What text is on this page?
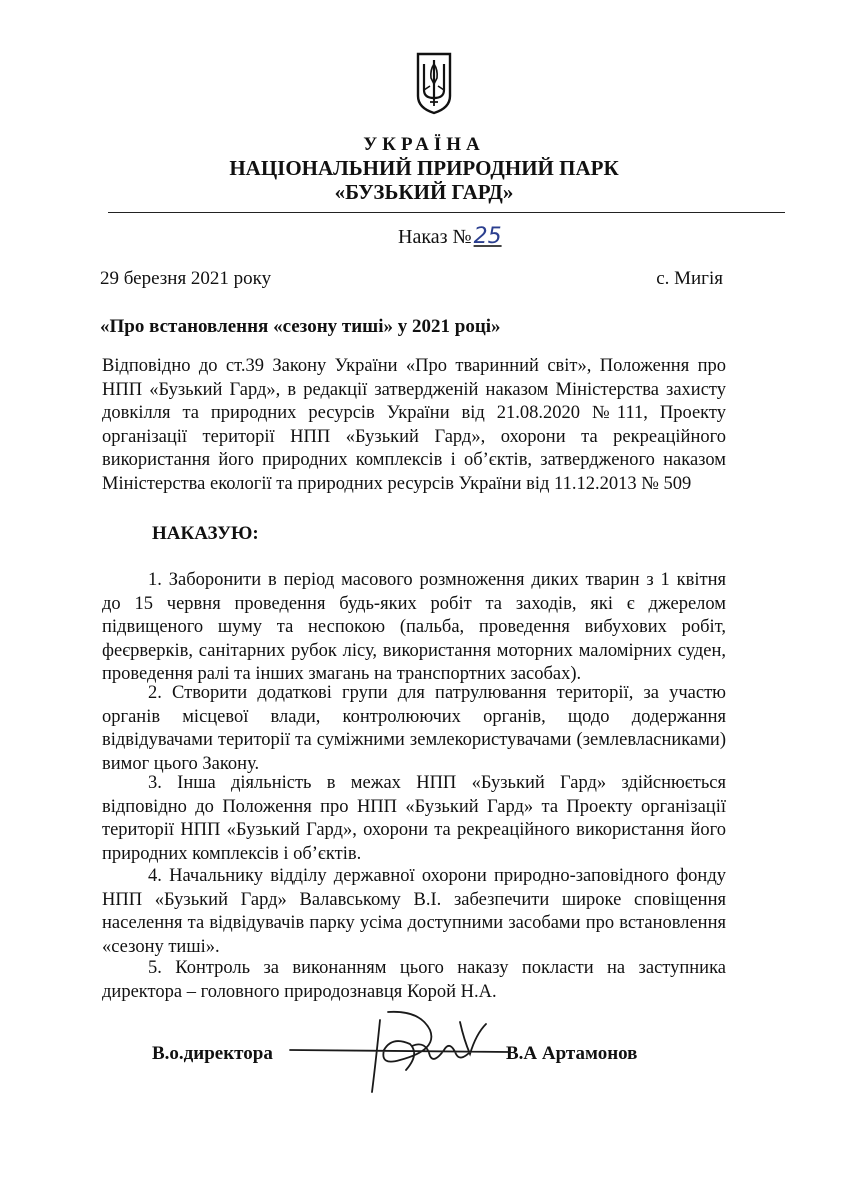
УКРАЇНА
НАЦІОНАЛЬНИЙ ПРИРОДНИЙ ПАРК
«БУЗЬКИЙ ГАРД»
Наказ №25
29 березня 2021 року	с. Мигія
«Про встановлення «сезону тиші» у 2021 році»

Відповідно до ст.39 Закону України «Про тваринний світ», Положення про НПП «Бузький Гард», в редакції затвердженій наказом Міністерства захисту довкілля та природних ресурсів України від 21.08.2020 №111, Проекту організації території НПП «Бузький Гард», охорони та рекреаційного використання його природних комплексів і об’єктів, затвердженого наказом Міністерства екології та природних ресурсів України від 11.12.2013 № 509

НАКАЗУЮ:

1. Заборонити в період масового розмноження диких тварин з 1 квітня до 15 червня проведення будь-яких робіт та заходів, які є джерелом підвищеного шуму та неспокою (пальба, проведення вибухових робіт, феєрверків, санітарних рубок лісу, використання моторних маломірних суден, проведення ралі та інших змагань на транспортних засобах).

2. Створити додаткові групи для патрулювання території, за участю органів місцевої влади, контролюючих органів, щодо додержання відвідувачами території та суміжними землекористувачами (землевласниками) вимог цього Закону.

3. Інша діяльність в межах НПП «Бузький Гард» здійснюється відповідно до Положення про НПП «Бузький Гард» та Проекту організації території НПП «Бузький Гард», охорони та рекреаційного використання його природних комплексів і об’єктів.

4. Начальнику відділу державної охорони природно-заповідного фонду НПП «Бузький Гард» Валавському В.І. забезпечити широке сповіщення населення та відвідувачів парку усіма доступними засобами про встановлення «сезону тиші».

5. Контроль за виконанням цього наказу покласти на заступника директора – головного природознавця Корой Н.А.

В.о.директора	В.А Артамонов
